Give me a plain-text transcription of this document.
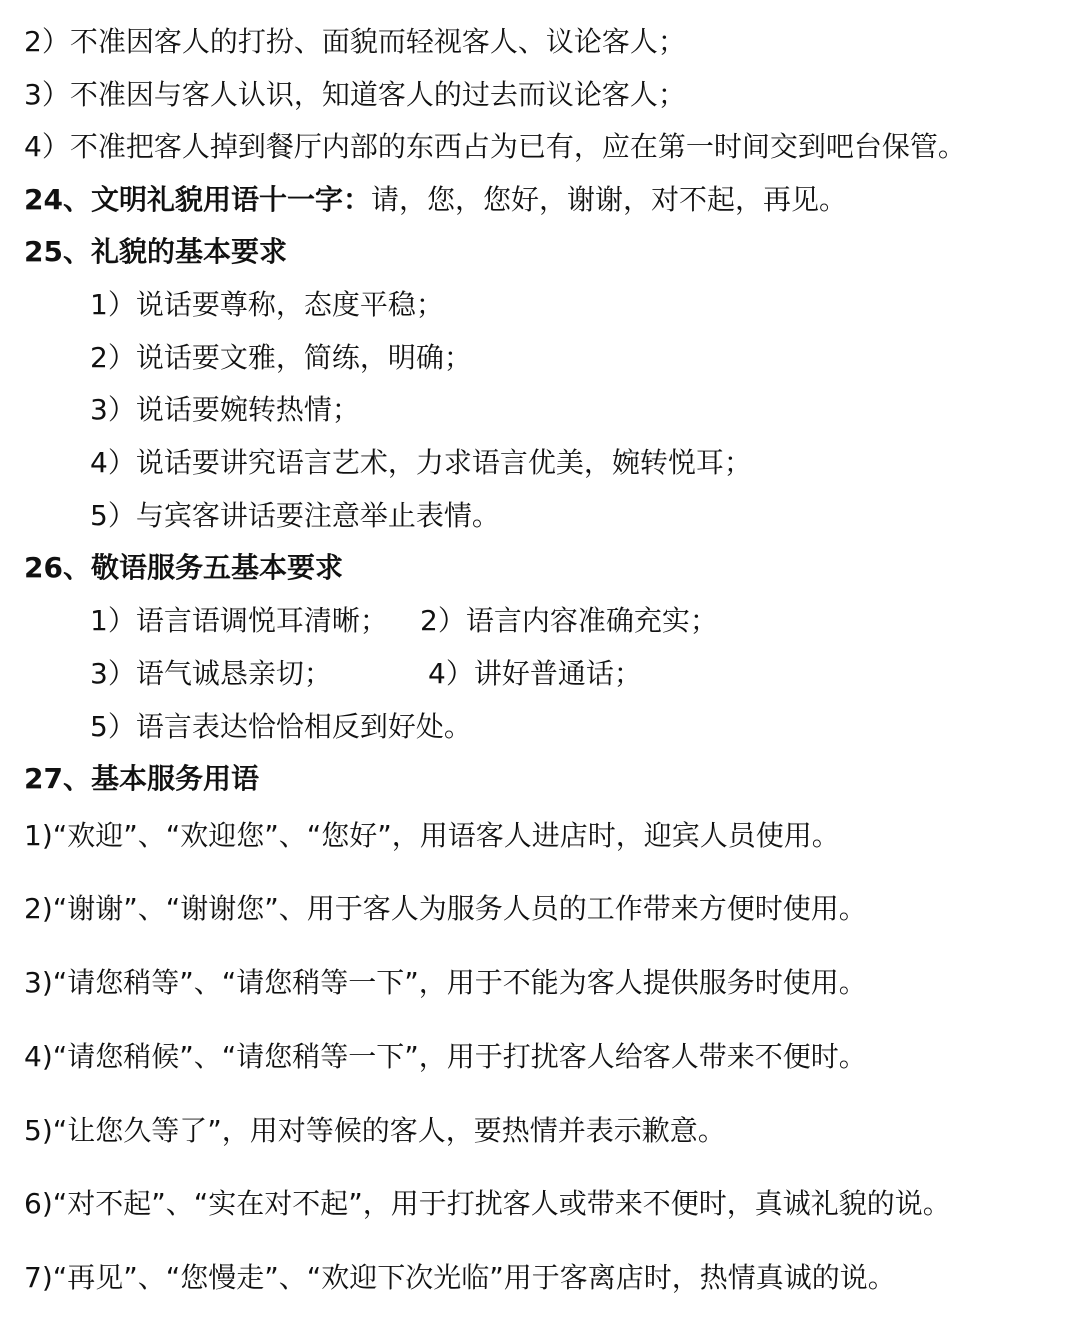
2）不准因客人的打扮、面貌而轻视客人、议论客人；
3）不准因与客人认识，知道客人的过去而议论客人；
4）不准把客人掉到餐厅内部的东西占为已有，应在第一时间交到吧台保管。
24、文明礼貌用语十一字：请，您，您好，谢谢，对不起，再见。
25、礼貌的基本要求
1）说话要尊称，态度平稳；
2）说话要文雅，简练，明确；
3）说话要婉转热情；
4）说话要讲究语言艺术，力求语言优美，婉转悦耳；
5）与宾客讲话要注意举止表情。
26、敬语服务五基本要求
1）语言语调悦耳清晰； 2）语言内容准确充实；
3）语气诚恳亲切；	4）讲好普通话；
5）语言表达恰恰相反到好处。
27、基本服务用语
1)“欢迎”、“欢迎您”、“您好”，用语客人进店时，迎宾人员使用。
2)“谢谢”、“谢谢您”、用于客人为服务人员的工作带来方便时使用。
3)“请您稍等”、“请您稍等一下”，用于不能为客人提供服务时使用。
4)“请您稍候”、“请您稍等一下”，用于打扰客人给客人带来不便时。
5)“让您久等了”，用对等候的客人，要热情并表示歉意。
6)“对不起”、“实在对不起”，用于打扰客人或带来不便时，真诚礼貌的说。
7)“再见”、“您慢走”、“欢迎下次光临”用于客离店时，热情真诚的说。
